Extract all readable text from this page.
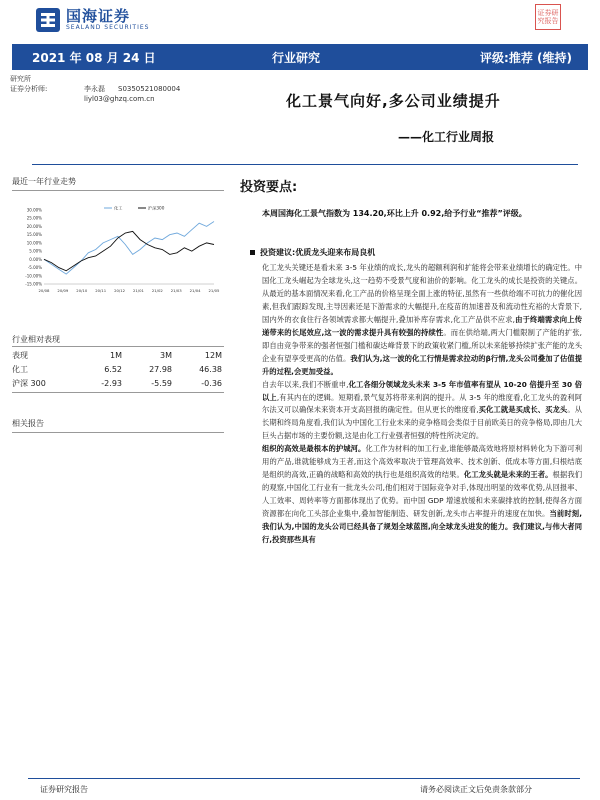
国海证券
SEALAND SECURITIES
证券研究报告
2021 年 08 月 24 日	行业研究	评级:推荐 (维持)
研究所
证券分析师:	李永磊	S0350521080004
liyl03@ghzq.com.cn	化工景气向好,多公司业绩提升
——化工行业周报
最近一年行业走势
30.00%
25.00%
20.00%
15.00%
10.00%
5.00%
0.00%
-5.00%
-10.00%
-15.00%
20/08 20/09 20/10 20/11 20/12 21/01 21/02 21/03 21/04 21/05
化工	沪深300
行业相对表现
表现	1M	3M	12M
化工	6.52	27.98	46.38
沪深 300	-2.93	-5.59	-0.36
相关报告
投资要点:
本周国海化工景气指数为 134.20,环比上升 0.92,给予行业“推荐”评级。
投资建议:优质龙头迎来布局良机

化工龙头关键还是看未来 3-5 年业绩的成长,龙头的超额利润和扩能将会带来业绩增长的确定性。中国化工龙头崛起为全球龙头,这一趋势不受景气度和油价的影响。化工龙头的成长是投资的关键点。从最近的基本面情况来看,化工产品的价格呈现全面上涨的特征,虽然有一些供给端不可抗力的催化因素,但我们跟踪发现,主导因素还是下游需求的大幅提升,在疫苗的加速普及和流动性充裕的大背景下,国内外的衣食住行各领域需求都大幅提升,叠加补库存需求,化工产品供不应求,由于终端需求向上传递带来的长尾效应,这一波的需求提升具有较强的持续性。而在供给端,两大门槛限制了产能的扩张,即自由竞争带来的强者恒强门槛和碳达峰背景下的政策收紧门槛,所以未来能够持续扩张产能的龙头企业有望享受更高的估值。我们认为,这一波的化工行情是需求拉动的β行情,龙头公司叠加了估值提升的过程,会更加受益。

自去年以来,我们不断重申,化工各细分领域龙头未来 3-5 年市值率有望从 10-20 倍提升至 30 倍以上,有其内在的逻辑。短期看,景气复苏将带来利润的提升。从 3-5 年的维度看,化工龙头的盈利阿尔法又可以确保未来资本开支高回报的确定性。但从更长的维度看,买化工就是买成长、买龙头。从长期和终局角度看,我们认为中国化工行业未来的竞争格局会类似于目前欧美日的竞争格局,即由几大巨头占据市场的主要份额,这是由化工行业强者恒强的特性所决定的。

组织的高效是最根本的护城河。化工作为材料的加工行业,谁能够最高效地将原材料转化为下游可利用的产品,谁就能够成为王者,而这个高效率取决于管理高效率、技术创新、低成本等方面,归根结底是组织的高效,正确的战略和高效的执行也是组织高效的结果。化工龙头就是未来的王者。根据我们的观察,中国化工行业有一批龙头公司,他们相对于国际竞争对手,体现出明显的效率优势,从回报率、人工效率、周转率等方面都体现出了优势。而中国 GDP 增速放缓和未来碳排放的控制,使得各方面资源都在向化工头部企业集中,叠加智能制造、研发创新,龙头市占率提升的速度在加快。当前时刻,我们认为,中国的龙头公司已经具备了规划全球蓝图,向全球龙头进发的能力。我们建议,与伟大者同行,投资那些具有

证券研究报告	请务必阅读正文后免责条款部分
